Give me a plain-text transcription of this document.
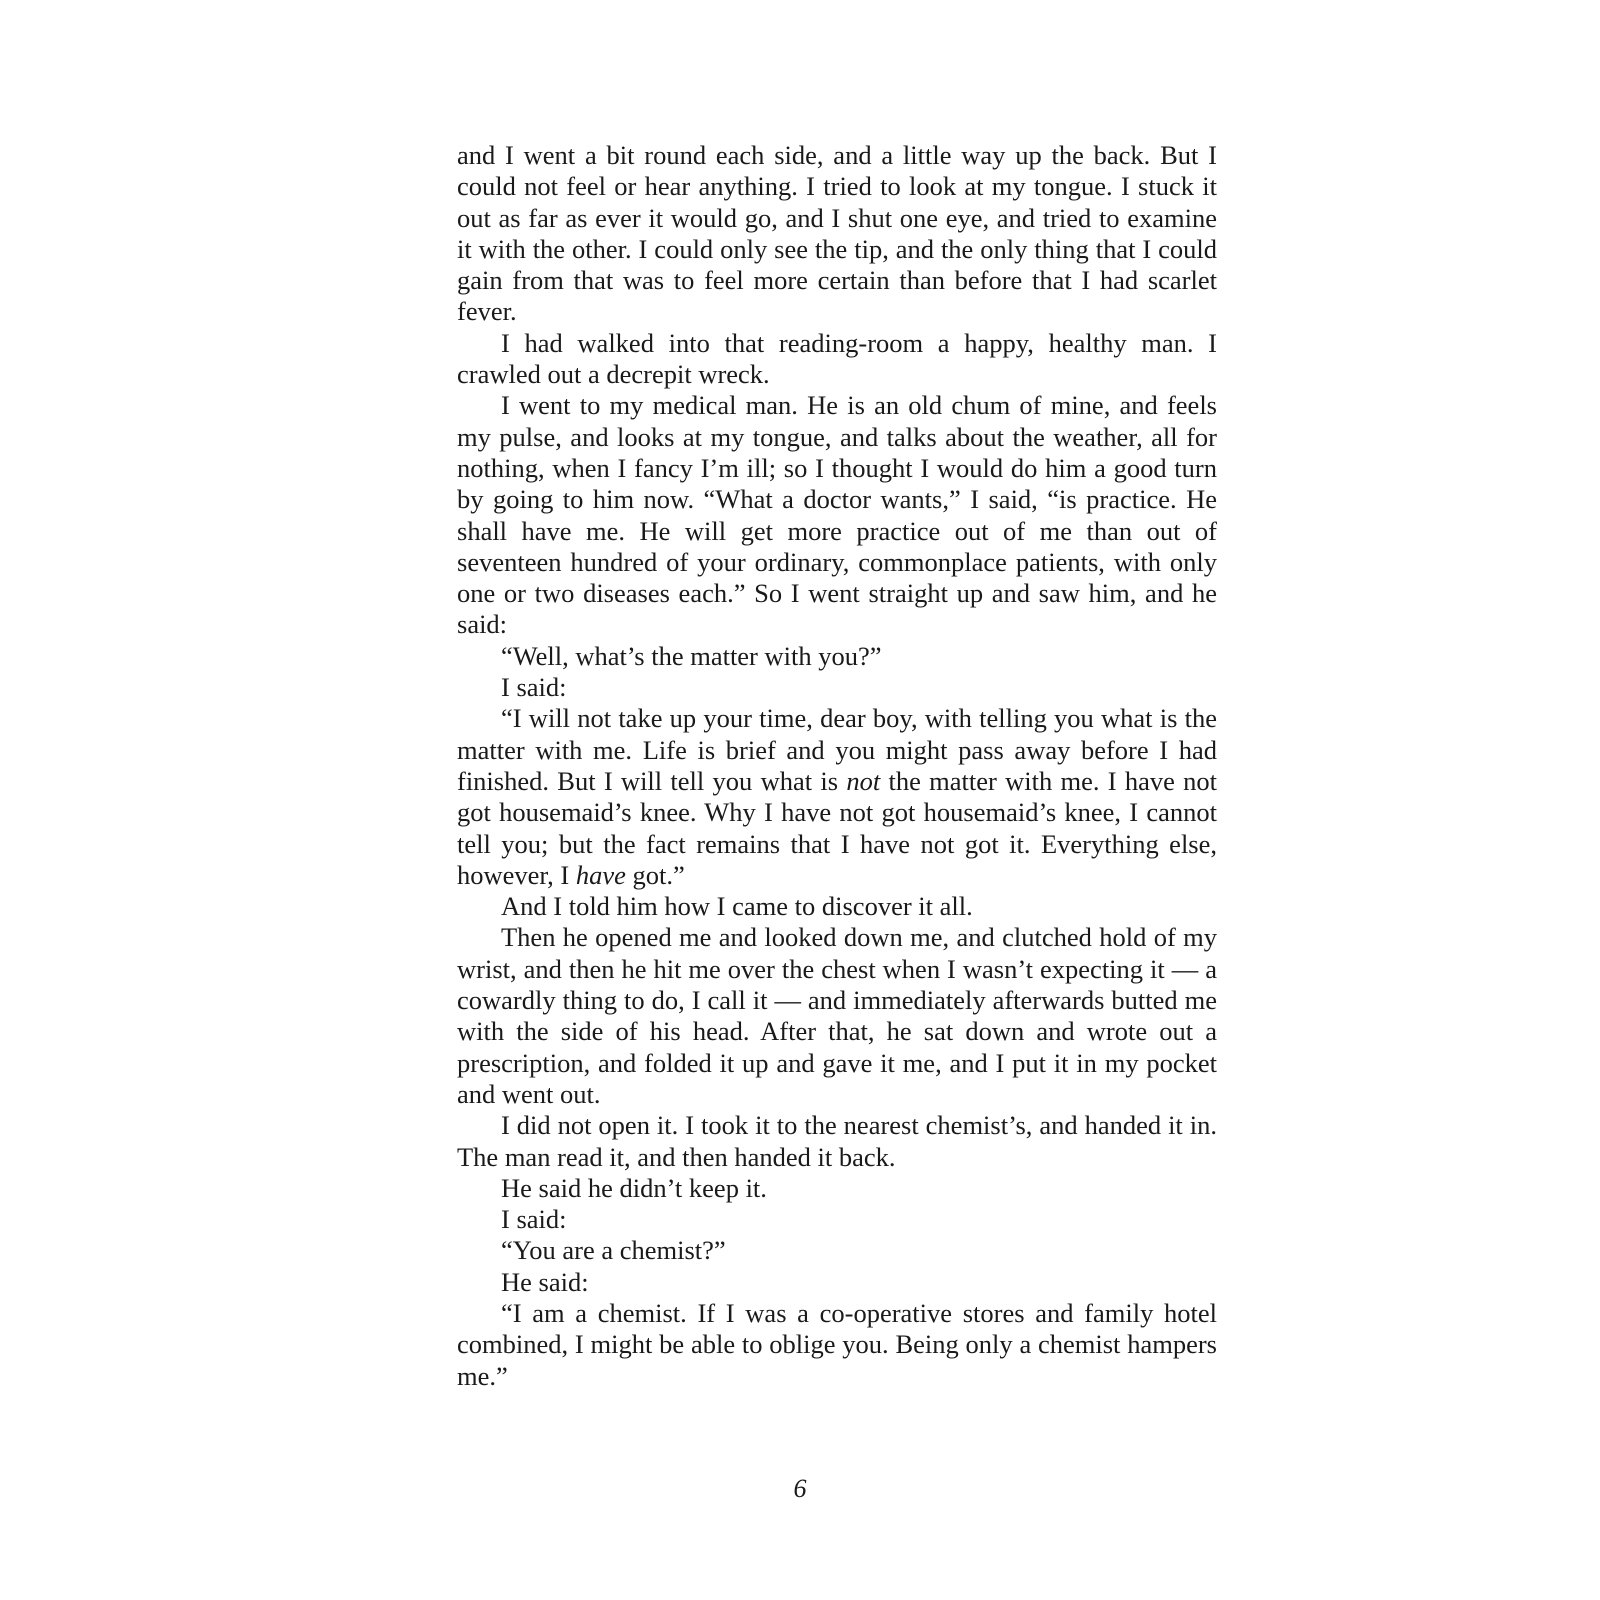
and I went a bit round each side, and a little way up the back. But I could not feel or hear anything. I tried to look at my tongue. I stuck it out as far as ever it would go, and I shut one eye, and tried to examine it with the other. I could only see the tip, and the only thing that I could gain from that was to feel more certain than before that I had scarlet fever.

I had walked into that reading-room a happy, healthy man. I crawled out a decrepit wreck.

I went to my medical man. He is an old chum of mine, and feels my pulse, and looks at my tongue, and talks about the weather, all for nothing, when I fancy I’m ill; so I thought I would do him a good turn by going to him now. “What a doctor wants,” I said, “is practice. He shall have me. He will get more practice out of me than out of seventeen hundred of your ordinary, commonplace patients, with only one or two diseases each.” So I went straight up and saw him, and he said:

“Well, what’s the matter with you?”

I said:

“I will not take up your time, dear boy, with telling you what is the matter with me. Life is brief and you might pass away before I had finished. But I will tell you what is not the matter with me. I have not got housemaid’s knee. Why I have not got housemaid’s knee, I cannot tell you; but the fact remains that I have not got it. Everything else, however, I have got.”

And I told him how I came to discover it all.

Then he opened me and looked down me, and clutched hold of my wrist, and then he hit me over the chest when I wasn’t expecting it — a cowardly thing to do, I call it — and immediately afterwards butted me with the side of his head. After that, he sat down and wrote out a prescription, and folded it up and gave it me, and I put it in my pocket and went out.

I did not open it. I took it to the nearest chemist’s, and handed it in. The man read it, and then handed it back.

He said he didn’t keep it.

I said:

“You are a chemist?”

He said:

“I am a chemist. If I was a co-operative stores and family hotel combined, I might be able to oblige you. Being only a chemist hampers me.”

6
